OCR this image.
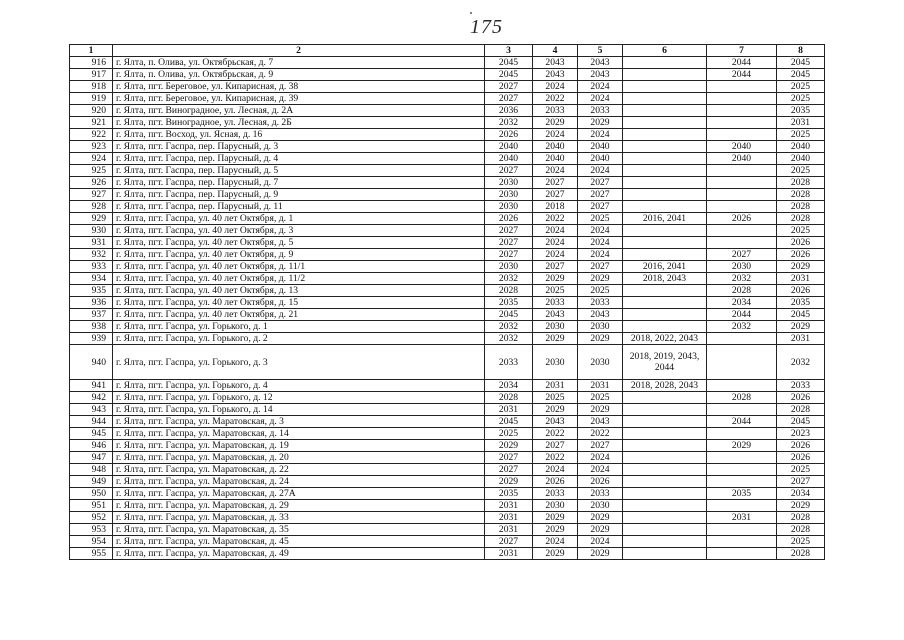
175
1	2	3	4	5	6	7	8
916	г. Ялта, п. Олива, ул. Октябрьская, д. 7	2045	2043	2043		2044	2045
917	г. Ялта, п. Олива, ул. Октябрьская, д. 9	2045	2043	2043		2044	2045
918	г. Ялта, пгт. Береговое, ул. Кипарисная, д. 38	2027	2024	2024			2025
919	г. Ялта, пгт. Береговое, ул. Кипарисная, д. 39	2027	2022	2024			2025
920	г. Ялта, пгт. Виноградное, ул. Лесная, д. 2А	2036	2033	2033			2035
921	г. Ялта, пгт. Виноградное, ул. Лесная, д. 2Б	2032	2029	2029			2031
922	г. Ялта, пгт. Восход, ул. Ясная, д. 16	2026	2024	2024			2025
923	г. Ялта, пгт. Гаспра, пер. Парусный, д. 3	2040	2040	2040		2040	2040
924	г. Ялта, пгт. Гаспра, пер. Парусный, д. 4	2040	2040	2040		2040	2040
925	г. Ялта, пгт. Гаспра, пер. Парусный, д. 5	2027	2024	2024			2025
926	г. Ялта, пгт. Гаспра, пер. Парусный, д. 7	2030	2027	2027			2028
927	г. Ялта, пгт. Гаспра, пер. Парусный, д. 9	2030	2027	2027			2028
928	г. Ялта, пгт. Гаспра, пер. Парусный, д. 11	2030	2018	2027			2028
929	г. Ялта, пгт. Гаспра, ул. 40 лет Октября, д. 1	2026	2022	2025	2016, 2041	2026	2028
930	г. Ялта, пгт. Гаспра, ул. 40 лет Октября, д. 3	2027	2024	2024			2025
931	г. Ялта, пгт. Гаспра, ул. 40 лет Октября, д. 5	2027	2024	2024			2026
932	г. Ялта, пгт. Гаспра, ул. 40 лет Октября, д. 9	2027	2024	2024		2027	2026
933	г. Ялта, пгт. Гаспра, ул. 40 лет Октября, д. 11/1	2030	2027	2027	2016, 2041	2030	2029
934	г. Ялта, пгт. Гаспра, ул. 40 лет Октября, д. 11/2	2032	2029	2029	2018, 2043	2032	2031
935	г. Ялта, пгт. Гаспра, ул. 40 лет Октября, д. 13	2028	2025	2025		2028	2026
936	г. Ялта, пгт. Гаспра, ул. 40 лет Октября, д. 15	2035	2033	2033		2034	2035
937	г. Ялта, пгт. Гаспра, ул. 40 лет Октября, д. 21	2045	2043	2043		2044	2045
938	г. Ялта, пгт. Гаспра, ул. Горького, д. 1	2032	2030	2030		2032	2029
939	г. Ялта, пгт. Гаспра, ул. Горького, д. 2	2032	2029	2029	2018, 2022, 2043		2031
940	г. Ялта, пгт. Гаспра, ул. Горького, д. 3	2033	2030	2030	2018, 2019, 2043, 2044		2032
941	г. Ялта, пгт. Гаспра, ул. Горького, д. 4	2034	2031	2031	2018, 2028, 2043		2033
942	г. Ялта, пгт. Гаспра, ул. Горького, д. 12	2028	2025	2025		2028	2026
943	г. Ялта, пгт. Гаспра, ул. Горького, д. 14	2031	2029	2029			2028
944	г. Ялта, пгт. Гаспра, ул. Маратовская, д. 3	2045	2043	2043		2044	2045
945	г. Ялта, пгт. Гаспра, ул. Маратовская, д. 14	2025	2022	2022			2023
946	г. Ялта, пгт. Гаспра, ул. Маратовская, д. 19	2029	2027	2027		2029	2026
947	г. Ялта, пгт. Гаспра, ул. Маратовская, д. 20	2027	2022	2024			2026
948	г. Ялта, пгт. Гаспра, ул. Маратовская, д. 22	2027	2024	2024			2025
949	г. Ялта, пгт. Гаспра, ул. Маратовская, д. 24	2029	2026	2026			2027
950	г. Ялта, пгт. Гаспра, ул. Маратовская, д. 27А	2035	2033	2033		2035	2034
951	г. Ялта, пгт. Гаспра, ул. Маратовская, д. 29	2031	2030	2030			2029
952	г. Ялта, пгт. Гаспра, ул. Маратовская, д. 33	2031	2029	2029		2031	2028
953	г. Ялта, пгт. Гаспра, ул. Маратовская, д. 35	2031	2029	2029			2028
954	г. Ялта, пгт. Гаспра, ул. Маратовская, д. 45	2027	2024	2024			2025
955	г. Ялта, пгт. Гаспра, ул. Маратовская, д. 49	2031	2029	2029			2028
